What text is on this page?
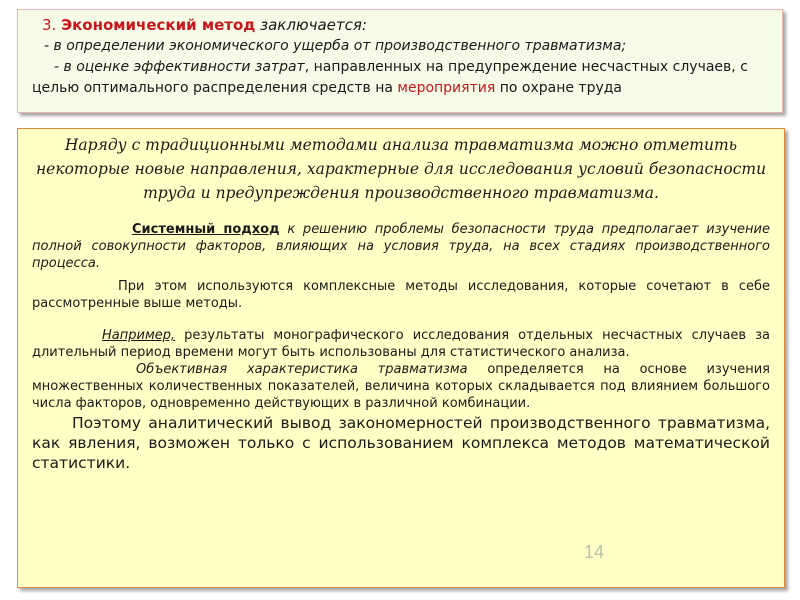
3. Экономический метод заключается:
- в определении экономического ущерба от производственного травматизма;
- в оценке эффективности затрат, направленных на предупреждение несчастных случаев, с
целью оптимального распределения средств на мероприятия по охране труда

Наряду с традиционными методами анализа травматизма можно отметить некоторые новые направления, характерные для исследования условий безопасности труда и предупреждения производственного травматизма.

Системный подход к решению проблемы безопасности труда предполагает изучение полной совокупности факторов, влияющих на условия труда, на всех стадиях производственного процесса.

При этом используются комплексные методы исследования, которые сочетают в себе рассмотренные выше методы.

Например, результаты монографического исследования отдельных несчастных случаев за длительный период времени могут быть использованы для статистического анализа.

Объективная характеристика травматизма определяется на основе изучения множественных количественных показателей, величина которых складывается под влиянием большого числа факторов, одновременно действующих в различной комбинации.

Поэтому аналитический вывод закономерностей производственного травматизма, как явления, возможен только с использованием комплекса методов математической статистики.

14
